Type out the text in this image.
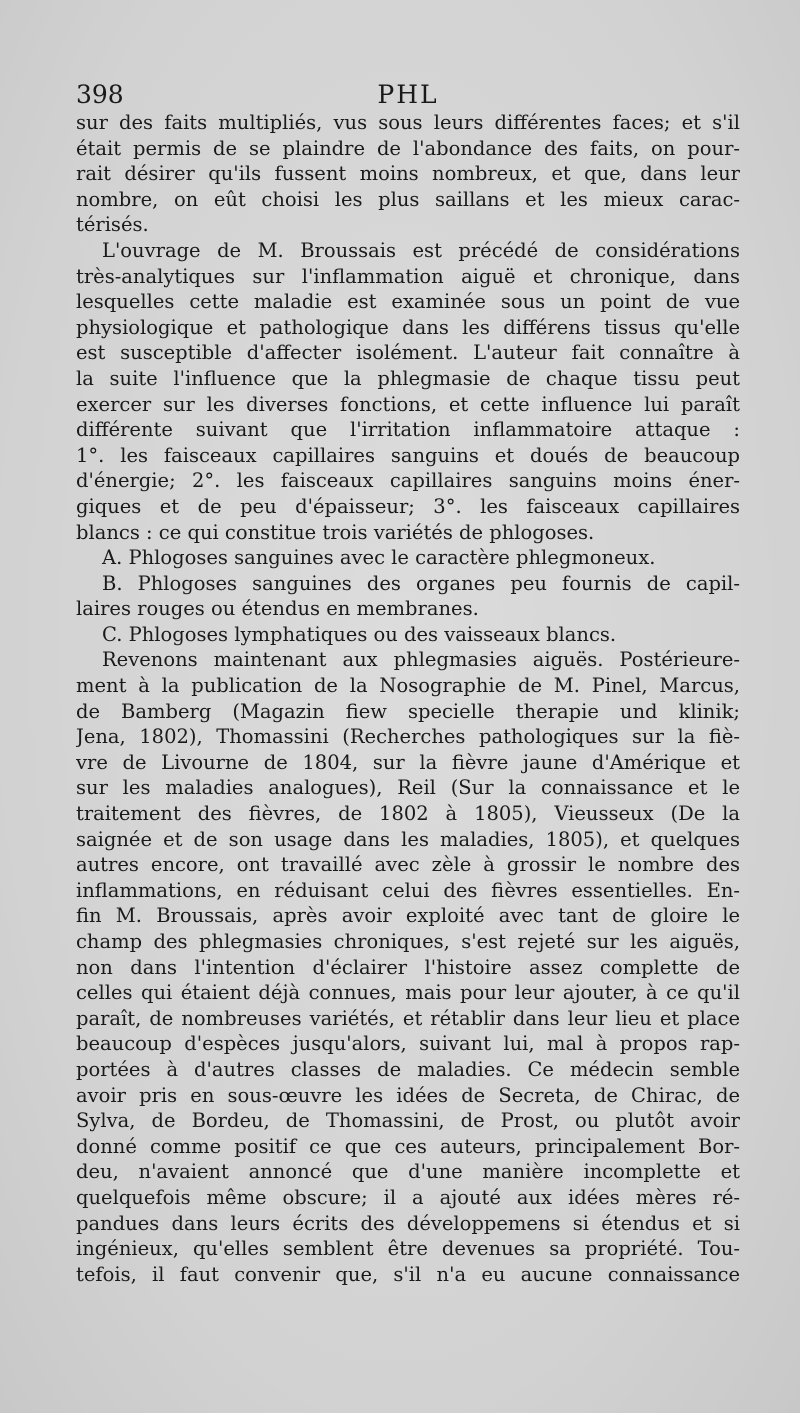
398	PHL
sur des faits multipliés, vus sous leurs différentes faces; et s'il
était permis de se plaindre de l'abondance des faits, on pour-
rait désirer qu'ils fussent moins nombreux, et que, dans leur
nombre, on eût choisi les plus saillans et les mieux carac-
térisés.
L'ouvrage de M. Broussais est précédé de considérations
très-analytiques sur l'inflammation aiguë et chronique, dans
lesquelles cette maladie est examinée sous un point de vue
physiologique et pathologique dans les différens tissus qu'elle
est susceptible d'affecter isolément. L'auteur fait connaître à
la suite l'influence que la phlegmasie de chaque tissu peut
exercer sur les diverses fonctions, et cette influence lui paraît
différente suivant que l'irritation inflammatoire attaque :
1°. les faisceaux capillaires sanguins et doués de beaucoup
d'énergie; 2°. les faisceaux capillaires sanguins moins éner-
giques et de peu d'épaisseur; 3°. les faisceaux capillaires
blancs : ce qui constitue trois variétés de phlogoses.
A. Phlogoses sanguines avec le caractère phlegmoneux.
B. Phlogoses sanguines des organes peu fournis de capil-
laires rouges ou étendus en membranes.
C. Phlogoses lymphatiques ou des vaisseaux blancs.
Revenons maintenant aux phlegmasies aiguës. Postérieure-
ment à la publication de la Nosographie de M. Pinel, Marcus,
de Bamberg (Magazin fiew specielle therapie und klinik;
Jena, 1802), Thomassini (Recherches pathologiques sur la fiè-
vre de Livourne de 1804, sur la fièvre jaune d'Amérique et
sur les maladies analogues), Reil (Sur la connaissance et le
traitement des fièvres, de 1802 à 1805), Vieusseux (De la
saignée et de son usage dans les maladies, 1805), et quelques
autres encore, ont travaillé avec zèle à grossir le nombre des
inflammations, en réduisant celui des fièvres essentielles. En-
fin M. Broussais, après avoir exploité avec tant de gloire le
champ des phlegmasies chroniques, s'est rejeté sur les aiguës,
non dans l'intention d'éclairer l'histoire assez complette de
celles qui étaient déjà connues, mais pour leur ajouter, à ce qu'il
paraît, de nombreuses variétés, et rétablir dans leur lieu et place
beaucoup d'espèces jusqu'alors, suivant lui, mal à propos rap-
portées à d'autres classes de maladies. Ce médecin semble
avoir pris en sous-œuvre les idées de Secreta, de Chirac, de
Sylva, de Bordeu, de Thomassini, de Prost, ou plutôt avoir
donné comme positif ce que ces auteurs, principalement Bor-
deu, n'avaient annoncé que d'une manière incomplette et
quelquefois même obscure; il a ajouté aux idées mères ré-
pandues dans leurs écrits des développemens si étendus et si
ingénieux, qu'elles semblent être devenues sa propriété. Tou-
tefois, il faut convenir que, s'il n'a eu aucune connaissance
